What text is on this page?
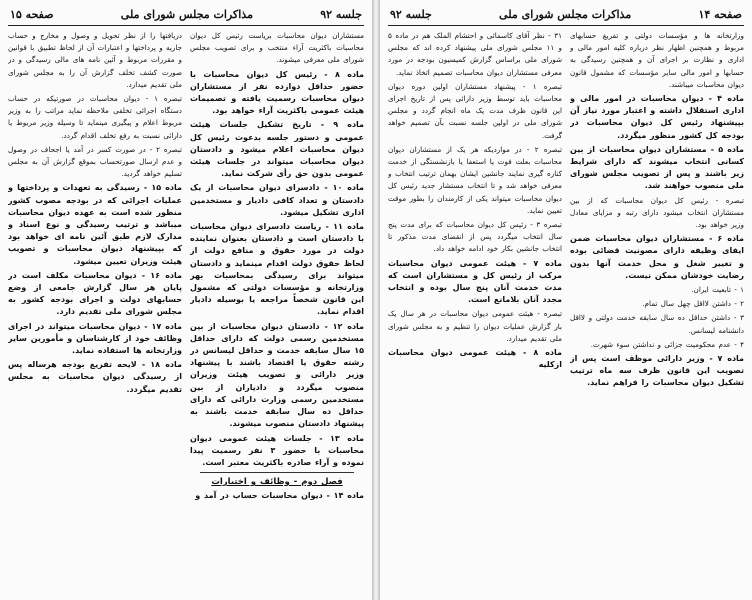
جلسه ۹۲
مذاکرات مجلس شورای ملی
صفحه ۱۵

مستشاران دیوان محاسبات بریاست رئیس کل دیوان محاسبات باکثریت آراء منتخب و برای تصویب مجلس شورای ملی معرفی میشوند.

ماده ۸ - رئیس کل دیوان محاسبات با حضور حداقل دوازده نفر از مستشاران دیوان محاسبات رسمیت یافته و تصمیمات هیئت عمومی باکثریت آراء خواهد بود.

ماده ۹ - تاریخ تشکیل جلسات هیئت عمومی و دستور جلسه بدعوت رئیس کل دیوان محاسبات اعلام میشود و دادستان دیوان محاسبات میتواند در جلسات هیئت عمومی بدون حق رأی شرکت نماید.

ماده ۱۰ - دادسرای دیوان محاسبات از یک دادستان و تعداد کافی دادیار و مستخدمین اداری تشکیل میشود.

ماده ۱۱ - ریاست دادسرای دیوان محاسبات با دادستان است و دادستان بعنوان نماینده دولت در مورد حقوق و منافع دولت از لحاظ حقوق دولت اقدام مینماید و دادستان میتواند برای رسیدگی بمحاسبات بهر وزارتخانه و مؤسسات دولتی که مشمول این قانون شخصاً مراجعه یا بوسیله دادیار اقدام نماید.

ماده ۱۲ - دادستان دیوان محاسبات از بین مستخدمین رسمی دولت که دارای حداقل ۱۵ سال سابقه خدمت و حداقل لیسانس در رشته حقوق یا اقتصاد باشند با پیشنهاد وزیر دارائی و تصویب هیئت وزیران منصوب میگردد و دادیاران از بین مستخدمین رسمی وزارت دارائی که دارای حداقل ده سال سابقه خدمت باشند به پیشنهاد دادستان منصوب میشوند.

ماده ۱۳ - جلسات هیئت عمومی دیوان محاسبات با حضور ۳ نفر رسمیت پیدا نموده و آراء صادره باکثریت معتبر است.

فصل دوم - وظائف و اختیارات

ماده ۱۴ - دیوان محاسبات حساب در آمد و

دریافتها را از نظر تحویل و وصول و مخارج و حساب جاریه و پرداختها و اعتبارات آن از لحاظ تطبیق با قوانین و مقررات مربوط و آئین نامه های مالی رسیدگی و در صورت کشف تخلف گزارش آن را به مجلس شورای ملی تقدیم میدارد.

تبصره ۱ - دیوان محاسبات در صورتیکه در حساب دستگاه اجرائی تخلفی ملاحظه نماید مراتب را به وزیر مربوط اعلام و پیگیری مینماید تا وسیله وزیر مربوط یا دارائی نسبت به رفع تخلف اقدام گردد.

تبصره ۲ - در صورت کسر در آمد یا اجحاف در وصول و عدم ارسال صورتحساب بموقع گزارش آن به مجلس تسلیم خواهد گردید.

ماده ۱۵ - رسیدگی به تعهدات و پرداختها و عملیات اجرائی که در بودجه مصوب کشور منظور شده است به عهده دیوان محاسبات میباشد و ترتیب رسیدگی و نوع اسناد و مدارک لازم طبق آئین نامه ای خواهد بود که بپیشنهاد دیوان محاسبات و تصویب هیئت وزیران تعیین میشود.

ماده ۱۶ - دیوان محاسبات مکلف است در پایان هر سال گزارش جامعی از وضع حسابهای دولت و اجرای بودجه کشور به مجلس شورای ملی تقدیم دارد.

ماده ۱۷ - دیوان محاسبات میتواند در اجرای وظائف خود از کارشناسان و مأمورین سایر وزارتخانه ها استفاده نماید.

ماده ۱۸ - لایحه تفریغ بودجه هرساله پس از رسیدگی دیوان محاسبات به مجلس تقدیم میگردد.

صفحه ۱۴
مذاکرات مجلس شورای ملی
جلسه ۹۲

وزارتخانه ها و مؤسسات دولتی و تفریغ حسابهای مربوط و همچنین اظهار نظر درباره کلیه امور مالی و اداری و نظارت بر اجرای آن و همچنین رسیدگی به حسابها و امور مالی سایر مؤسسات که مشمول قانون دیوان محاسبات میباشند.

ماده ۴ - دیوان محاسبات در امور مالی و اداری استقلال داشته و اعتبار مورد نیاز آن بپیشنهاد رئیس کل دیوان محاسبات در بودجه کل کشور منظور میگردد.

ماده ۵ - مستشاران دیوان محاسبات از بین کسانی انتخاب میشوند که دارای شرایط زیر باشند و پس از تصویب مجلس شورای ملی منصوب خواهند شد.

تبصره - رئیس کل دیوان محاسبات که از بین مستشاران انتخاب میشود دارای رتبه و مزایای معادل وزیر خواهد بود.

ماده ۶ - مستشاران دیوان محاسبات ضمن ایفای وظیفه دارای مصونیت قضائی بوده و تغییر شغل و محل خدمت آنها بدون رضایت خودشان ممکن نیست.

۱ - تابعیت ایران.

۲ - داشتن لااقل چهل سال تمام.

۳ - داشتن حداقل ده سال سابقه خدمت دولتی و لااقل دانشنامه لیسانس.

۴ - عدم محکومیت جزائی و نداشتن سوء شهرت.

ماده ۷ - وزیر دارائی موظف است پس از تصویب این قانون ظرف سه ماه ترتیب تشکیل دیوان محاسبات را فراهم نماید.

۳۱ - نظر آقای کاسمائی و احتشام الملک هم در ماده ۵ و ۱۱ مجلس شورای ملی پیشنهاد کرده اند که مجلس شورای ملی براساس گزارش کمیسیون بودجه در مورد معرفی مستشاران دیوان محاسبات تصمیم اتخاذ نماید.

تبصره ۱ - پیشنهاد مستشاران اولین دوره دیوان محاسبات باید توسط وزیر دارائی پس از تاریخ اجرای این قانون ظرف مدت یک ماه انجام گردد و مجلس شورای ملی در اولین جلسه نسبت بآن تصمیم خواهد گرفت.

تبصره ۲ - در مواردیکه هر یک از مستشاران دیوان محاسبات بعلت فوت یا استعفا یا بازنشستگی از خدمت کناره گیری نمایند جانشین ایشان بهمان ترتیب انتخاب و معرفی خواهد شد و تا انتخاب مستشار جدید رئیس کل دیوان محاسبات میتواند یکی از کارمندان را بطور موقت تعیین نماید.

تبصره ۳ - رئیس کل دیوان محاسبات که برای مدت پنج سال انتخاب میگردد پس از انقضای مدت مذکور تا انتخاب جانشین بکار خود ادامه خواهد داد.

ماده ۷ - هیئت عمومی دیوان محاسبات مرکب از رئیس کل و مستشاران است که مدت خدمت آنان پنج سال بوده و انتخاب مجدد آنان بلامانع است.

تبصره - هیئت عمومی دیوان محاسبات در هر سال یک بار گزارش عملیات دیوان را تنظیم و به مجلس شورای ملی تقدیم میدارد.

ماده ۸ - هیئت عمومی دیوان محاسبات ازکلیه
